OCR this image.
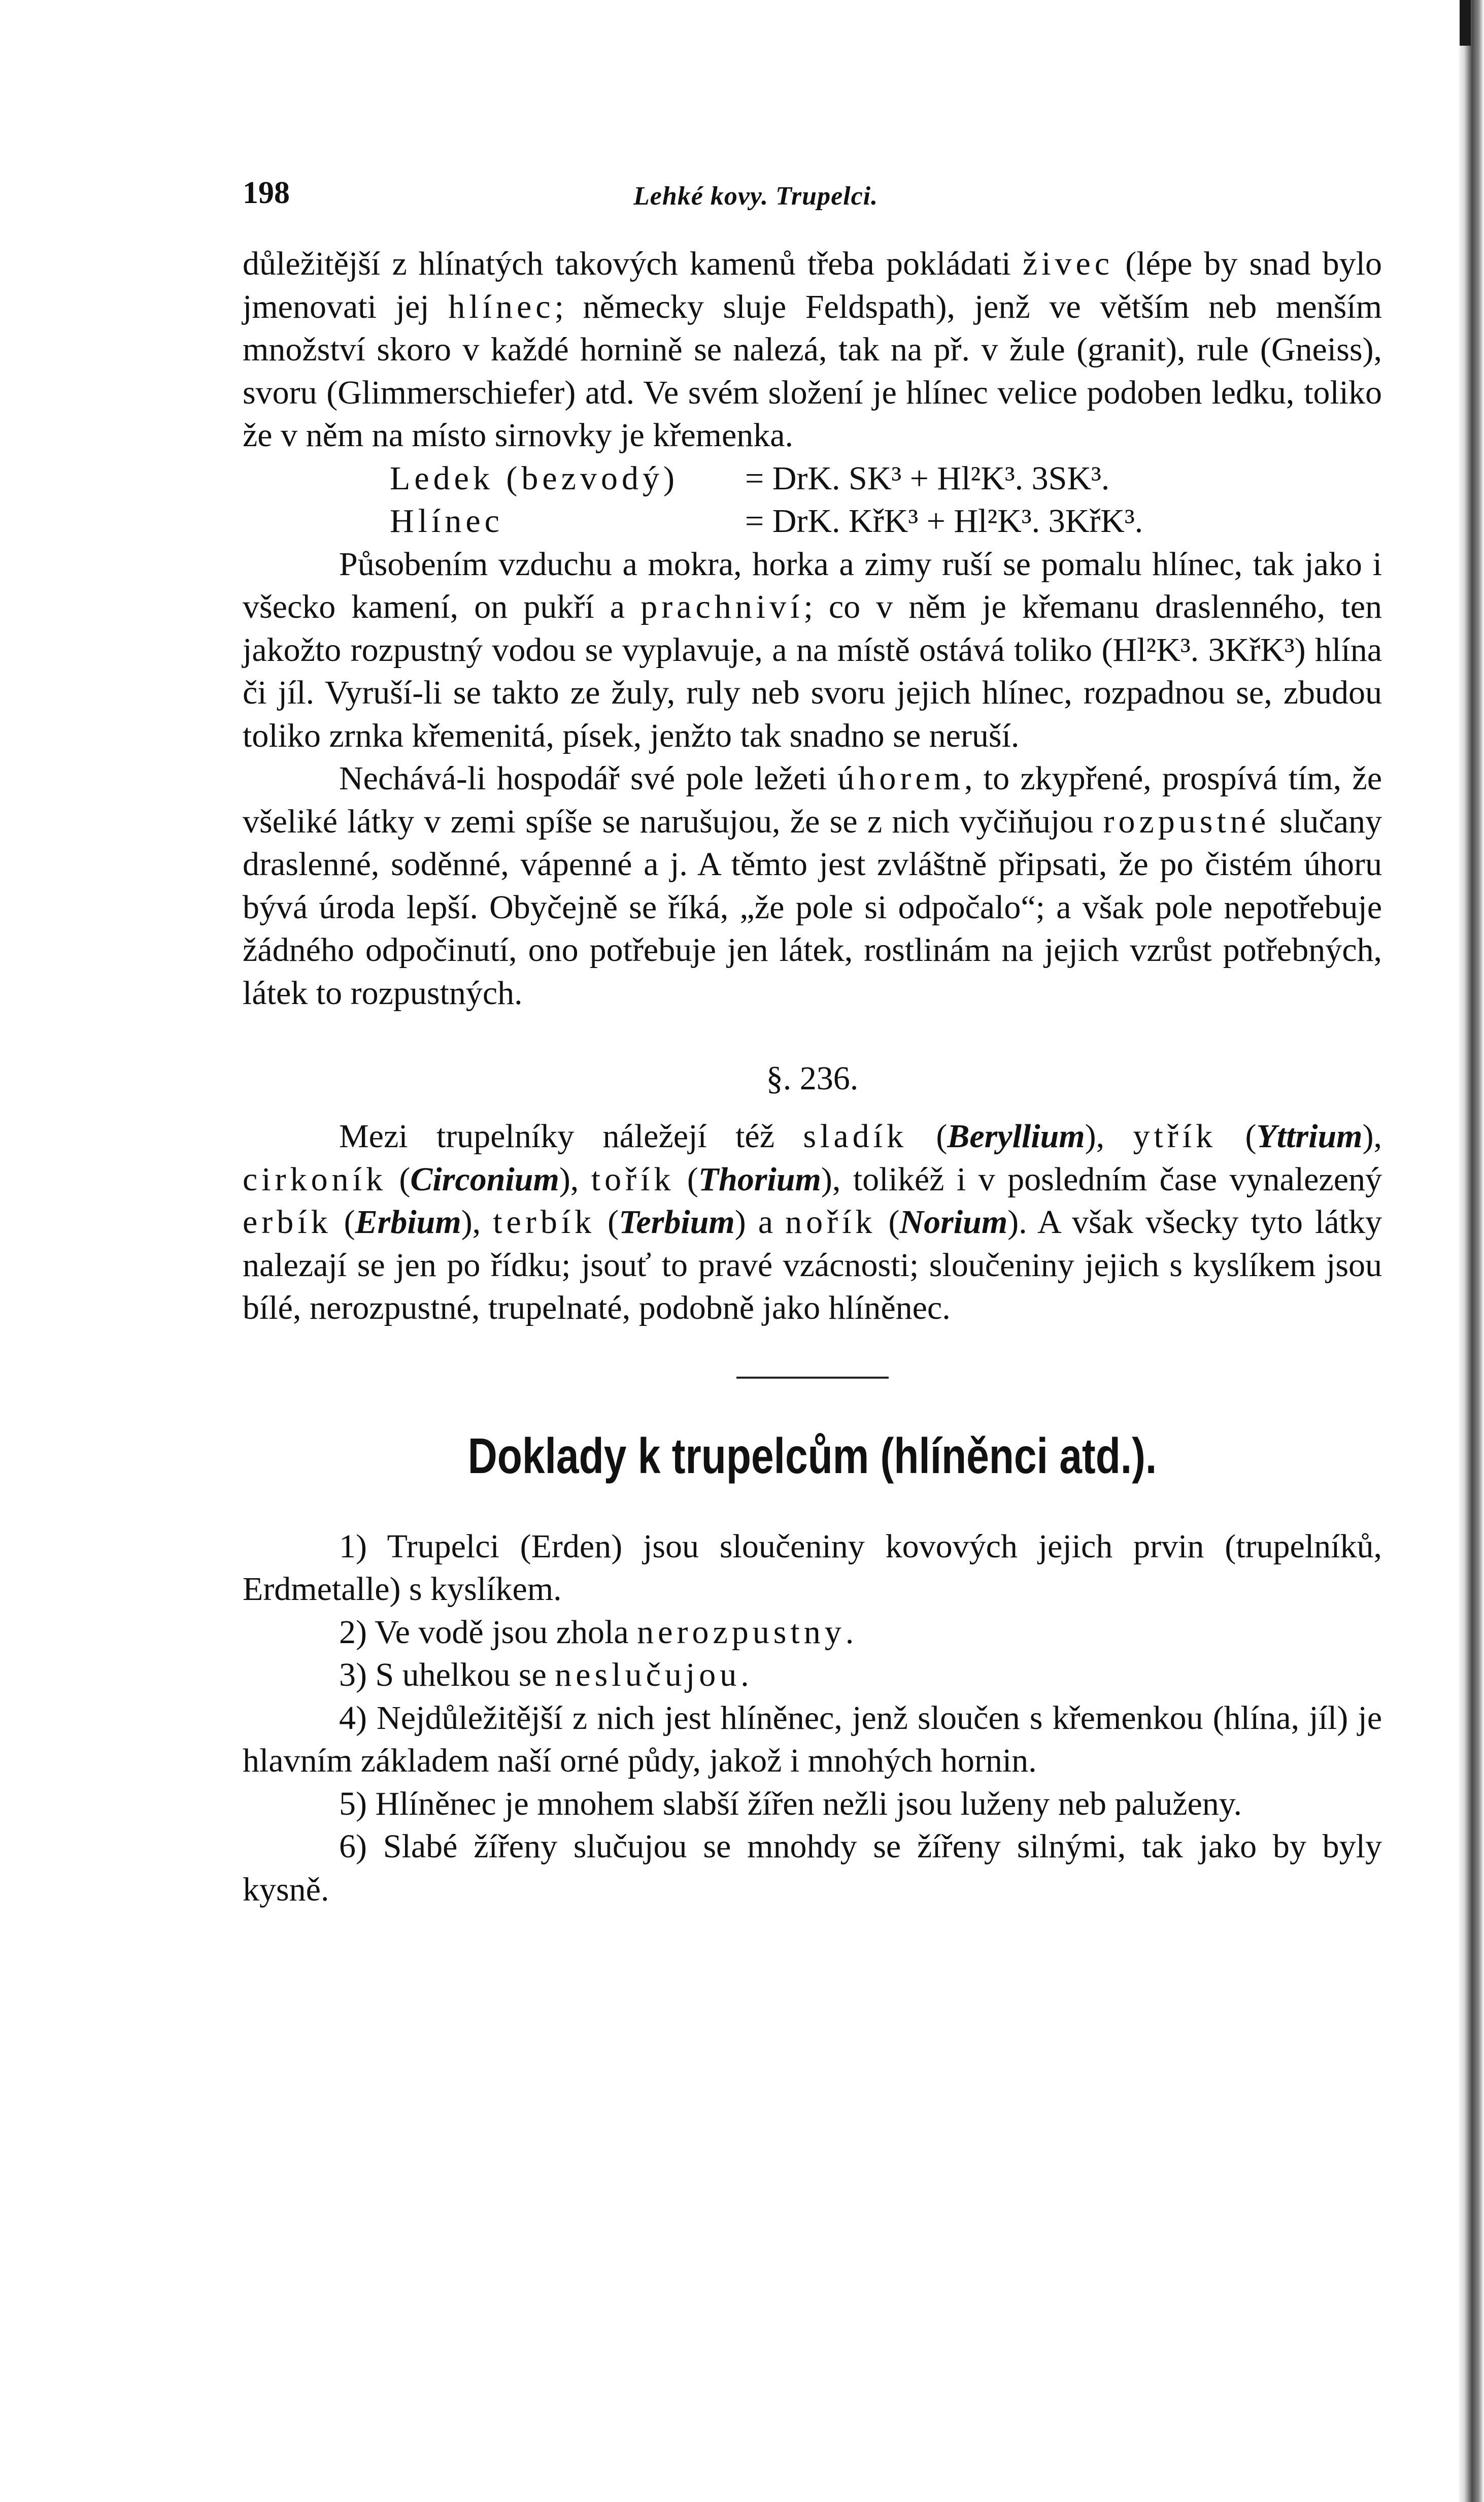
198	Lehké kovy. Trupelci.

důležitější z hlínatých takových kamenů třeba pokládati živec (lépe by snad bylo jmenovati jej hlínec; německy sluje Feldspath), jenž ve větším neb menším množství skoro v každé hornině se nalezá, tak na př. v žule (granit), rule (Gneiss), svoru (Glimmerschiefer) atd. Ve svém složení je hlínec velice podoben ledku, toliko že v něm na místo sirnovky je křemenka.

Ledek (bezvodý) = DrK. SK³ + Hl²K³. 3SK³.
Hlínec	= DrK. KřK³ + Hl²K³. 3KřK³.

Působením vzduchu a mokra, horka a zimy ruší se pomalu hlínec, tak jako i všecko kamení, on pukří a prachniví; co v něm je křemanu draslenného, ten jakožto rozpustný vodou se vyplavuje, a na místě ostává toliko (Hl²K³. 3KřK³) hlína či jíl. Vyruší-li se takto ze žuly, ruly neb svoru jejich hlínec, rozpadnou se, zbudou toliko zrnka křemenitá, písek, jenžto tak snadno se neruší.

Nechává-li hospodář své pole ležeti úhorem, to zkypřené, prospívá tím, že všeliké látky v zemi spíše se narušujou, že se z nich vyčiňujou rozpustné slučany draslenné, soděnné, vápenné a j. A těmto jest zvláštně připsati, že po čistém úhoru bývá úroda lepší. Obyčejně se říká, „že pole si odpočalo“; a však pole nepotřebuje žádného odpočinutí, ono potřebuje jen látek, rostlinám na jejich vzrůst potřebných, látek to rozpustných.

§. 236.

Mezi trupelníky náležejí též sladík (Beryllium), ytřík (Yttrium), cirkoník (Circonium), tořík (Thorium), tolikéž i v posledním čase vynalezený erbík (Erbium), terbík (Terbium) a nořík (Norium). A však všecky tyto látky nalezají se jen po řídku; jsouť to pravé vzácnosti; sloučeniny jejich s kyslíkem jsou bílé, nerozpustné, trupelnaté, podobně jako hlíněnec.

Doklady k trupelcům (hlíněnci atd.).

1) Trupelci (Erden) jsou sloučeniny kovových jejich prvin (trupelníků, Erdmetalle) s kyslíkem.

2) Ve vodě jsou zhola nerozpustny.

3) S uhelkou se neslučujou.

4) Nejdůležitější z nich jest hlíněnec, jenž sloučen s křemenkou (hlína, jíl) je hlavním základem naší orné půdy, jakož i mnohých hornin.

5) Hlíněnec je mnohem slabší žířen nežli jsou luženy neb paluženy.

6) Slabé žířeny slučujou se mnohdy se žířeny silnými, tak jako by byly kysně.
